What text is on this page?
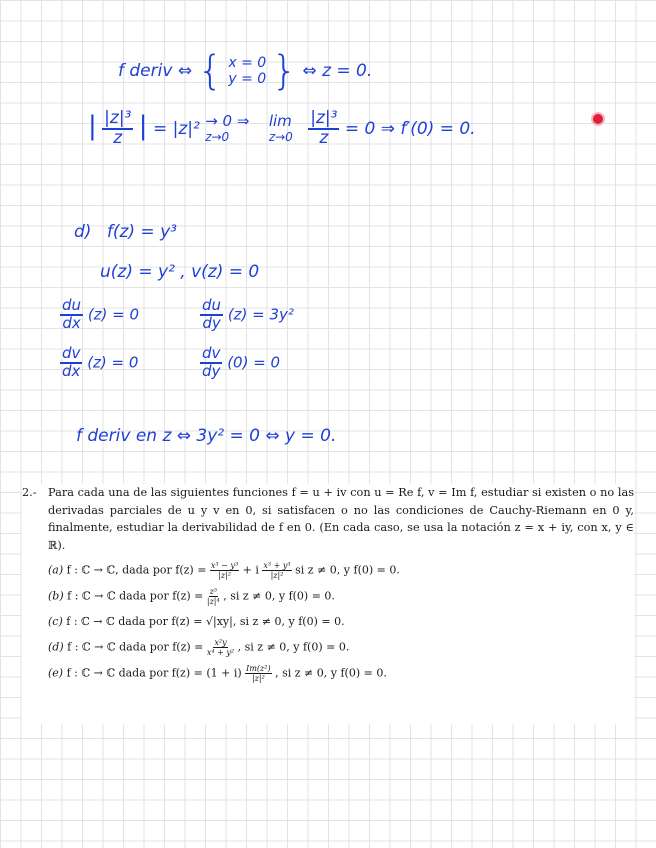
f deriv ⇔ { x = 0
y = 0 } ⇔ z = 0.
| $\frac{\text{|z|³}}{z}$ | = |z|² → 0 ⇒
z→0

lim
z→0
$\frac{\text{|z|³}}{z} = 0$ ⇒ f′(0) = 0.
d) f(z) = y³
u(z) = y² , v(z) = 0
$\frac{du}{dx} (z) = 0$	$\frac{du}{dy} (z) = 3y^2$
$\frac{dv}{dx} (z) = 0$	$\frac{dv}{dy} (0) = 0$
f deriv en z ⇔ 3y² = 0 ⇔ y = 0.
2.-	Para cada una de las siguientes funciones f = u + iv con u = Re f, v = Im f, estudiar si existen o no las derivadas parciales de u y v en 0, si satisfacen o no las condiciones de Cauchy-Riemann en 0 y, finalmente, estudiar la derivabilidad de f en 0. (En cada caso, se usa la notación z = x + iy, con x, y ∈ ℝ).
(a) f : ℂ → ℂ, dada por $f(z) = \frac{\text{x³ − y³}}{\text{|z|²}} + i \frac{\text{x³ + y³}}{\text{|z|²}}$ si z ≠ 0, y f(0) = 0.
(b) f : ℂ → ℂ dada por $f(z) = \frac{\text{z⁵}}{\text{|z|⁴}}$ , si z ≠ 0, y f(0) = 0.
(c) f : ℂ → ℂ dada por f(z) = √|xy|, si z ≠ 0, y f(0) = 0.
(d) f : ℂ → ℂ dada por $f(z) = \frac{\text{x²y}}{\text{x⁴ + y²}}$ , si z ≠ 0, y f(0) = 0.
(e) f : ℂ → ℂ dada por $f(z) = (1 + i) \frac{\text{Im(z²)}}{\text{|z|²}}$ , si z ≠ 0, y f(0) = 0.
